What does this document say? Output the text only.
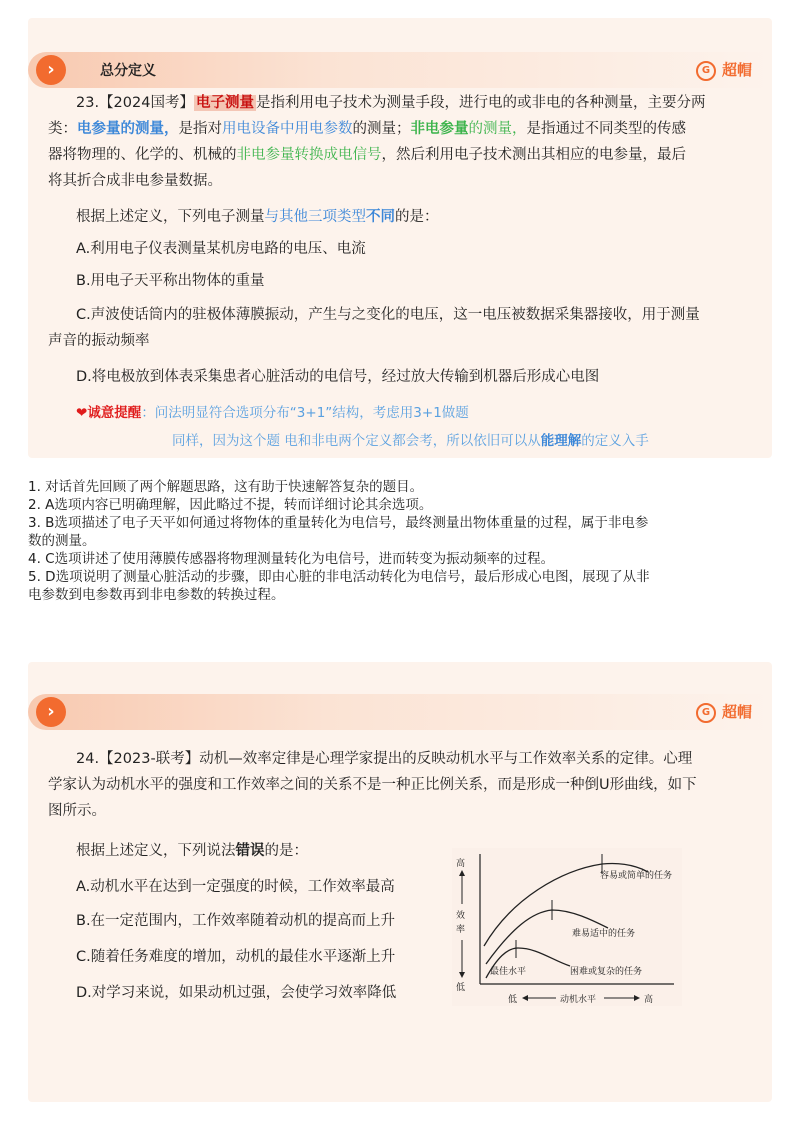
›	总分定义	G 超帽
23.【2024国考】 电子测量 是指利用电子技术为测量手段，进行电的或非电的各种测量，主要分两
类：电参量的测量，是指对用电设备中用电参数的测量；非电参量的测量，是指通过不同类型的传感
器将物理的、化学的、机械的非电参量转换成电信号，然后利用电子技术测出其相应的电参量，最后
将其折合成非电参量数据。
根据上述定义，下列电子测量与其他三项类型不同的是：
A.利用电子仪表测量某机房电路的电压、电流
B.用电子天平称出物体的重量
C.声波使话筒内的驻极体薄膜振动，产生与之变化的电压，这一电压被数据采集器接收，用于测量
声音的振动频率
D.将电极放到体表采集患者心脏活动的电信号，经过放大传输到机器后形成心电图
❤诚意提醒：问法明显符合选项分布“3+1”结构，考虑用3+1做题
同样，因为这个题 电和非电两个定义都会考，所以依旧可以从能理解的定义入手
1. 对话首先回顾了两个解题思路，这有助于快速解答复杂的题目。
2. A选项内容已明确理解，因此略过不提，转而详细讨论其余选项。
3. B选项描述了电子天平如何通过将物体的重量转化为电信号，最终测量出物体重量的过程，属于非电参
数的测量。
4. C选项讲述了使用薄膜传感器将物理测量转化为电信号，进而转变为振动频率的过程。
5. D选项说明了测量心脏活动的步骤，即由心脏的非电活动转化为电信号，最后形成心电图，展现了从非
电参数到电参数再到非电参数的转换过程。
›	G 超帽
24.【2023-联考】动机—效率定律是心理学家提出的反映动机水平与工作效率关系的定律。心理
学家认为动机水平的强度和工作效率之间的关系不是一种正比例关系，而是形成一种倒U形曲线，如下
图所示。
根据上述定义，下列说法错误的是：
A.动机水平在达到一定强度的时候，工作效率最高
B.在一定范围内，工作效率随着动机的提高而上升
C.随着任务难度的增加，动机的最佳水平逐渐上升
D.对学习来说，如果动机过强，会使学习效率降低
高
效
率
低
低	动机水平	高
容易或简单的任务
难易适中的任务
困难或复杂的任务
最佳水平
